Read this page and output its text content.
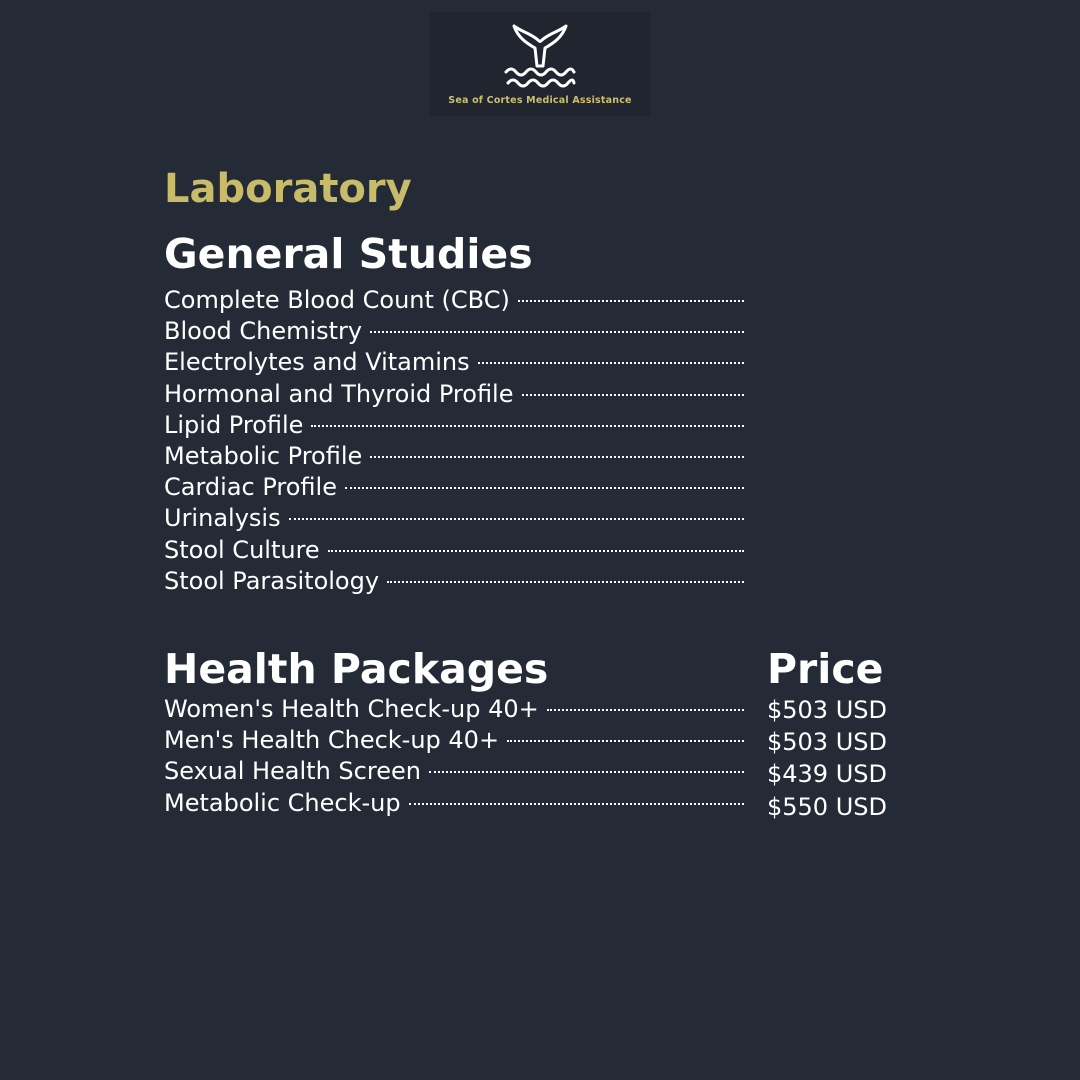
Sea of Cortes Medical Assistance
Laboratory
General Studies
Complete Blood Count (CBC)
Blood Chemistry
Electrolytes and Vitamins
Hormonal and Thyroid Profile
Lipid Profile
Metabolic Profile
Cardiac Profile
Urinalysis
Stool Culture
Stool Parasitology
Health Packages	Price
Women's Health Check-up 40+
Men's Health Check-up 40+
Sexual Health Screen
Metabolic Check-up
$503 USD
$503 USD
$439 USD
$550 USD
